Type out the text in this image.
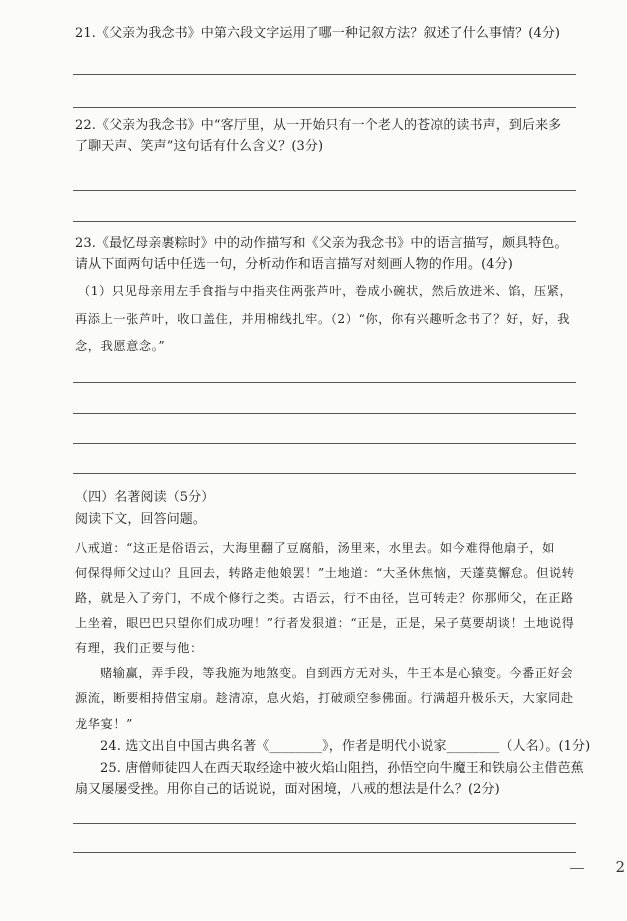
21.《父亲为我念书》中第六段文字运用了哪一种记叙方法？叙述了什么事情？(4分)
22.《父亲为我念书》中“客厅里，从一开始只有一个老人的苍凉的读书声，到后来多
了聊天声、笑声”这句话有什么含义？(3分)
23.《最忆母亲裹粽时》中的动作描写和《父亲为我念书》中的语言描写，颇具特色。
请从下面两句话中任选一句，分析动作和语言描写对刻画人物的作用。(4分)
（1）只见母亲用左手食指与中指夹住两张芦叶，卷成小碗状，然后放进米、馅，压紧，
再添上一张芦叶，收口盖住，并用棉线扎牢。（2）“你，你有兴趣听念书了？好，好，我
念，我愿意念。”
（四）名著阅读（5分）
阅读下文，回答问题。
八戒道：“这正是俗语云，大海里翻了豆腐船，汤里来，水里去。如今难得他扇子，如
何保得师父过山？且回去，转路走他娘罢！”土地道：“大圣休焦恼，天蓬莫懈怠。但说转
路，就是入了旁门，不成个修行之类。古语云，行不由径，岂可转走？你那师父，在正路
上坐着，眼巴巴只望你们成功哩！”行者发狠道：“正是，正是，呆子莫要胡谈！土地说得
有理，我们正要与他：
赌输赢，弄手段，等我施为地煞变。自到西方无对头，牛王本是心猿变。今番正好会
源流，断要相持借宝扇。趁清凉，息火焰，打破顽空参佛面。行满超升极乐天，大家同赴
龙华宴！”
24. 选文出自中国古典名著《________》，作者是明代小说家________（人名）。(1分)
25. 唐僧师徒四人在西天取经途中被火焰山阻挡，孙悟空向牛魔王和铁扇公主借芭蕉
扇又屡屡受挫。用你自己的话说说，面对困境，八戒的想法是什么？(2分)
2
